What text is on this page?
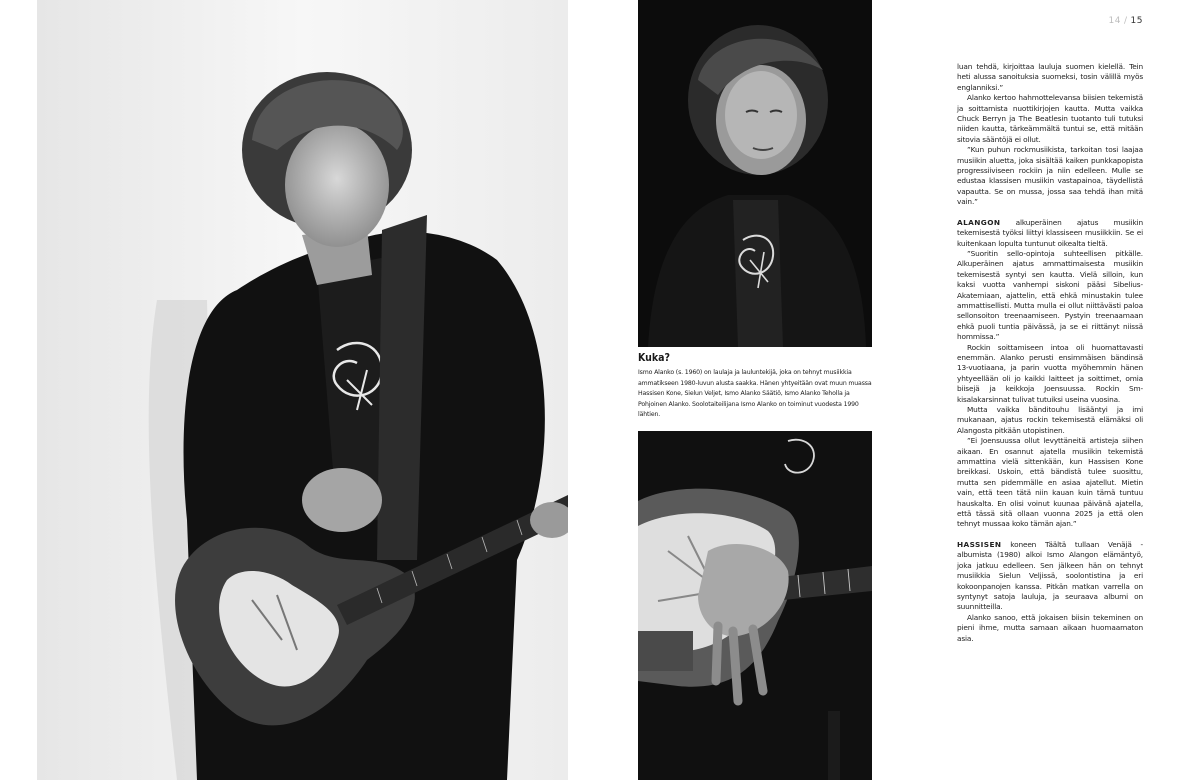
14 / 15
Kuka?

Ismo Alanko (s. 1960) on laulaja ja lauluntekijä, joka on tehnyt musiikkia ammatikseen 1980-luvun alusta saakka. Hänen yhtyeitään ovat muun muassa Hassisen Kone, Sielun Veljet, Ismo Alanko Säätiö, Ismo Alanko Teholla ja Pohjoinen Alanko. Soolotaiteilijana Ismo Alanko on toiminut vuodesta 1990 lähtien.

luan tehdä, kirjoittaa lauluja suomen kielellä. Tein heti alussa sanoituksia suomeksi, tosin välillä myös englanniksi.”

Alanko kertoo hahmottelevansa biisien tekemistä ja soittamista nuottikirjojen kautta. Mutta vaikka Chuck Berryn ja The Beatlesin tuotanto tuli tutuksi niiden kautta, tärkeämmältä tuntui se, että mitään sitovia sääntöjä ei ollut.

”Kun puhun rockmusiikista, tarkoitan tosi laajaa musiikin aluetta, joka sisältää kaiken punkkapopista progressiiviseen rockiin ja niin edelleen. Mulle se edustaa klassisen musiikin vastapainoa, täydellistä vapautta. Se on mussa, jossa saa tehdä ihan mitä vain.”

ALANGON alkuperäinen ajatus musiikin tekemisestä työksi liittyi klassiseen musiikkiin. Se ei kuitenkaan lopulta tuntunut oikealta tieltä.

”Suoritin sello-opintoja suhteellisen pitkälle. Alkuperäinen ajatus ammattimaisesta musiikin tekemisestä syntyi sen kautta. Vielä silloin, kun kaksi vuotta vanhempi siskoni pääsi Sibelius-Akatemiaan, ajattelin, että ehkä minustakin tulee ammattisellisti. Mutta mulla ei ollut niittävästi paloa sellonsoiton treenaamiseen. Pystyin treenaamaan ehkä puoli tuntia päivässä, ja se ei riittänyt niissä hommissa.”

Rockin soittamiseen intoa oli huomattavasti enemmän. Alanko perusti ensimmäisen bändinsä 13-vuotiaana, ja parin vuotta myöhemmin hänen yhtyeellään oli jo kaikki laitteet ja soittimet, omia biisejä ja keikkoja Joensuussa. Rockin Sm-kisalakarsinnat tulivat tutuiksi useina vuosina.

Mutta vaikka bänditouhu lisääntyi ja imi mukanaan, ajatus rockin tekemisestä elämäksi oli Alangosta pitkään utopistinen.

”Ei Joensuussa ollut levyttäneitä artisteja siihen aikaan. En osannut ajatella musiikin tekemistä ammattina vielä sittenkään, kun Hassisen Kone breikkasi. Uskoin, että bändistä tulee suosittu, mutta sen pidemmälle en asiaa ajatellut. Mietin vain, että teen tätä niin kauan kuin tämä tuntuu hauskalta. En olisi voinut kuunaa päivänä ajatella, että tässä sitä ollaan vuonna 2025 ja että olen tehnyt mussaa koko tämän ajan.”

HASSISEN koneen Täältä tullaan Venäjä -albumista (1980) alkoi Ismo Alangon elämäntyö, joka jatkuu edelleen. Sen jälkeen hän on tehnyt musiikkia Sielun Veljissä, soolontistina ja eri kokoonpanojen kanssa. Pitkän matkan varrella on syntynyt satoja lauluja, ja seuraava albumi on suunnitteilla.

Alanko sanoo, että jokaisen biisin tekeminen on pieni ihme, mutta samaan aikaan huomaamaton asia.
